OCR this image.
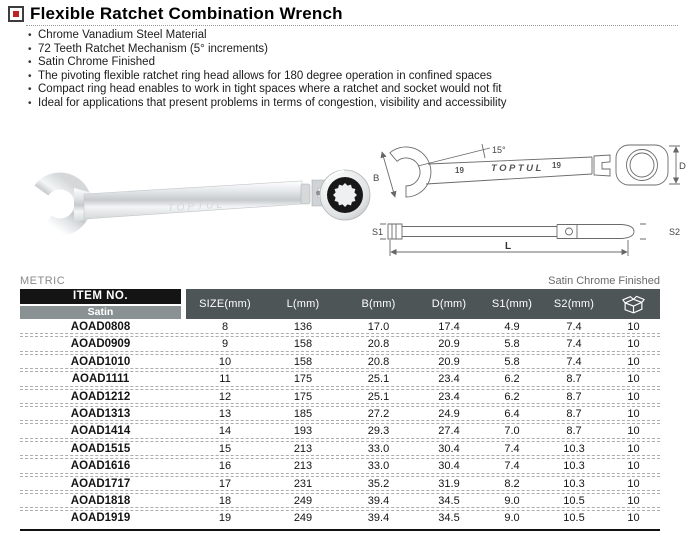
Flexible Ratchet Combination Wrench
• Chrome Vanadium Steel Material
• 72 Teeth Ratchet Mechanism (5° increments)
• Satin Chrome Finished
• The pivoting flexible ratchet ring head allows for 180 degree operation in confined spaces
• Compact ring head enables to work in tight spaces where a ratchet and socket would not fit
• Ideal for applications that present problems in terms of congestion, visibility and accessibility
TOPTUL
B
15°
19	TOPTUL 19	D
S1	S2
L
METRIC	Satin Chrome Finished
ITEM NO.
Satin
SIZE(mm)	L(mm)	B(mm)	D(mm)	S1(mm)	S2(mm)
AOAD0808	8	136	17.0	17.4	4.9	7.4	10
AOAD0909	9	158	20.8	20.9	5.8	7.4	10
AOAD1010	10	158	20.8	20.9	5.8	7.4	10
AOAD1111	11	175	25.1	23.4	6.2	8.7	10
AOAD1212	12	175	25.1	23.4	6.2	8.7	10
AOAD1313	13	185	27.2	24.9	6.4	8.7	10
AOAD1414	14	193	29.3	27.4	7.0	8.7	10
AOAD1515	15	213	33.0	30.4	7.4	10.3	10
AOAD1616	16	213	33.0	30.4	7.4	10.3	10
AOAD1717	17	231	35.2	31.9	8.2	10.3	10
AOAD1818	18	249	39.4	34.5	9.0	10.5	10
AOAD1919	19	249	39.4	34.5	9.0	10.5	10
